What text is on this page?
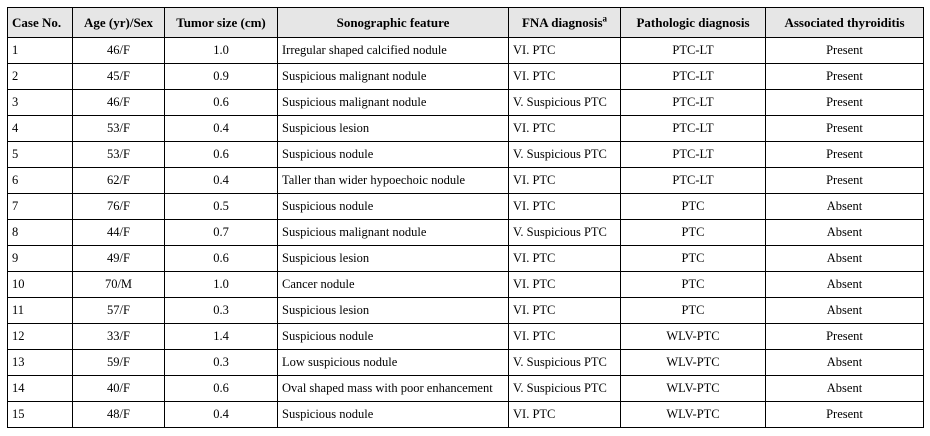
Case No.	Age (yr)/Sex	Tumor size (cm)	Sonographic feature	FNA diagnosis$^a$	Pathologic diagnosis	Associated thyroiditis
1	46/F	1.0	Irregular shaped calcified nodule	VI. PTC	PTC-LT	Present
2	45/F	0.9	Suspicious malignant nodule	VI. PTC	PTC-LT	Present
3	46/F	0.6	Suspicious malignant nodule	V. Suspicious PTC	PTC-LT	Present
4	53/F	0.4	Suspicious lesion	VI. PTC	PTC-LT	Present
5	53/F	0.6	Suspicious nodule	V. Suspicious PTC	PTC-LT	Present
6	62/F	0.4	Taller than wider hypoechoic nodule	VI. PTC	PTC-LT	Present
7	76/F	0.5	Suspicious nodule	VI. PTC	PTC	Absent
8	44/F	0.7	Suspicious malignant nodule	V. Suspicious PTC	PTC	Absent
9	49/F	0.6	Suspicious lesion	VI. PTC	PTC	Absent
10	70/M	1.0	Cancer nodule	VI. PTC	PTC	Absent
11	57/F	0.3	Suspicious lesion	VI. PTC	PTC	Absent
12	33/F	1.4	Suspicious nodule	VI. PTC	WLV-PTC	Present
13	59/F	0.3	Low suspicious nodule	V. Suspicious PTC	WLV-PTC	Absent
14	40/F	0.6	Oval shaped mass with poor enhancement	V. Suspicious PTC	WLV-PTC	Absent
15	48/F	0.4	Suspicious nodule	VI. PTC	WLV-PTC	Present
